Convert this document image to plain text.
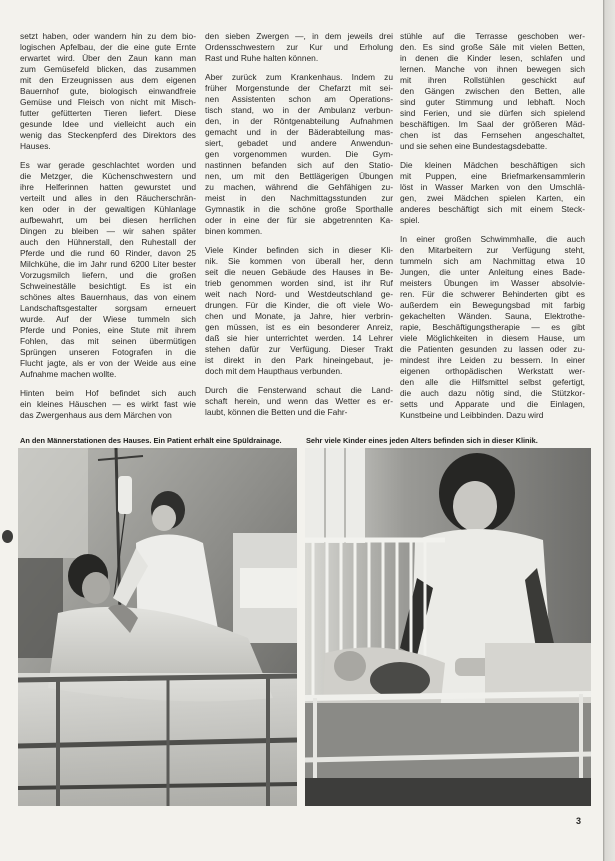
setzt haben, oder wandern hin zu dem bio-
logischen Apfelbau, der die eine gute Ernte
erwartet wird. Über den Zaun kann man
zum Gemüsefeld blicken, das zusammen
mit den Erzeugnissen aus dem eigenen
Bauernhof gute, biologisch einwandfreie
Gemüse und Fleisch von nicht mit Misch-
futter gefütterten Tieren liefert. Diese
gesunde Idee und vielleicht auch ein
wenig das Steckenpferd des Direktors des
Hauses.
Es war gerade geschlachtet worden und
die Metzger, die Küchenschwestern und
ihre Helferinnen hatten gewurstet und
verteilt und alles in den Räucherschrän-
ken oder in der gewaltigen Kühlanlage
aufbewahrt, um bei diesen herrlichen
Dingen zu bleiben — wir sahen später
auch den Hühnerstall, den Ruhestall der
Pferde und die rund 60 Rinder, davon 25
Milchkühe, die im Jahr rund 6200 Liter bester
Vorzugsmilch liefern, und die großen
Schweineställe besichtigt. Es ist ein
schönes altes Bauernhaus, das von einem
Landschaftsgestalter sorgsam erneuert
wurde. Auf der Wiese tummeln sich
Pferde und Ponies, eine Stute mit ihrem
Fohlen, das mit seinen übermütigen
Sprüngen unseren Fotografen in die
Flucht jagte, als er von der Weide aus eine
Aufnahme machen wollte.
Hinten beim Hof befindet sich auch
ein kleines Häuschen — es wirkt fast wie
das Zwergenhaus aus dem Märchen von
den sieben Zwergen —, in dem jeweils drei
Ordensschwestern zur Kur und Erholung
Rast und Ruhe halten können.
Aber zurück zum Krankenhaus. Indem zu
früher Morgenstunde der Chefarzt mit sei-
nen Assistenten schon am Operations-
tisch stand, wo in der Ambulanz verbun-
den, in der Röntgenabteilung Aufnahmen
gemacht und in der Bäderabteilung mas-
siert, gebadet und andere Anwendun-
gen vorgenommen wurden. Die Gym-
nastinnen befanden sich auf den Statio-
nen, um mit den Bettlägerigen Übungen
zu machen, während die Gehfähigen zu-
meist in den Nachmittagsstunden zur
Gymnastik in die schöne große Sporthalle
oder in eine der für sie abgetrennten Ka-
binen kommen.
Viele Kinder befinden sich in dieser Kli-
nik. Sie kommen von überall her, denn
seit die neuen Gebäude des Hauses in Be-
trieb genommen worden sind, ist ihr Ruf
weit nach Nord- und Westdeutschland ge-
drungen. Für die Kinder, die oft viele Wo-
chen und Monate, ja Jahre, hier verbrin-
gen müssen, ist es ein besonderer Anreiz,
daß sie hier unterrichtet werden. 14 Lehrer
stehen dafür zur Verfügung. Dieser Trakt
ist direkt in den Park hineingebaut, je-
doch mit dem Haupthaus verbunden.
Durch die Fensterwand schaut die Land-
schaft herein, und wenn das Wetter es er-
laubt, können die Betten und die Fahr-
stühle auf die Terrasse geschoben wer-
den. Es sind große Säle mit vielen Betten,
in denen die Kinder lesen, schlafen und
lernen. Manche von ihnen bewegen sich
mit ihren Rollstühlen geschickt auf
den Gängen zwischen den Betten, alle
sind guter Stimmung und lebhaft. Noch
sind Ferien, und sie dürfen sich spielend
beschäftigen. Im Saal der größeren Mäd-
chen ist das Fernsehen angeschaltet,
und sie sehen eine Bundestagsdebatte.
Die kleinen Mädchen beschäftigen sich
mit Puppen, eine Briefmarkensammlerin
löst in Wasser Marken von den Umschlä-
gen, zwei Mädchen spielen Karten, ein
anderes beschäftigt sich mit einem Steck-
spiel.
In einer großen Schwimmhalle, die auch
den Mitarbeitern zur Verfügung steht,
tummeln sich am Nachmittag etwa 10
Jungen, die unter Anleitung eines Bade-
meisters Übungen im Wasser absolvie-
ren. Für die schwerer Behinderten gibt es
außerdem ein Bewegungsbad mit farbig
gekachelten Wänden. Sauna, Elektrothe-
rapie, Beschäftigungstherapie — es gibt
viele Möglichkeiten in diesem Hause, um
die Patienten gesunden zu lassen oder zu-
mindest ihre Leiden zu bessern. In einer
eigenen orthopädischen Werkstatt wer-
den alle die Hilfsmittel selbst gefertigt,
die auch dazu nötig sind, die Stützkor-
setts und Apparate und die Einlagen,
Kunstbeine und Leibbinden. Dazu wird
An den Männerstationen des Hauses. Ein Patient erhält eine Spüldrainage.	Sehr viele Kinder eines jeden Alters befinden sich in dieser Klinik.
3
